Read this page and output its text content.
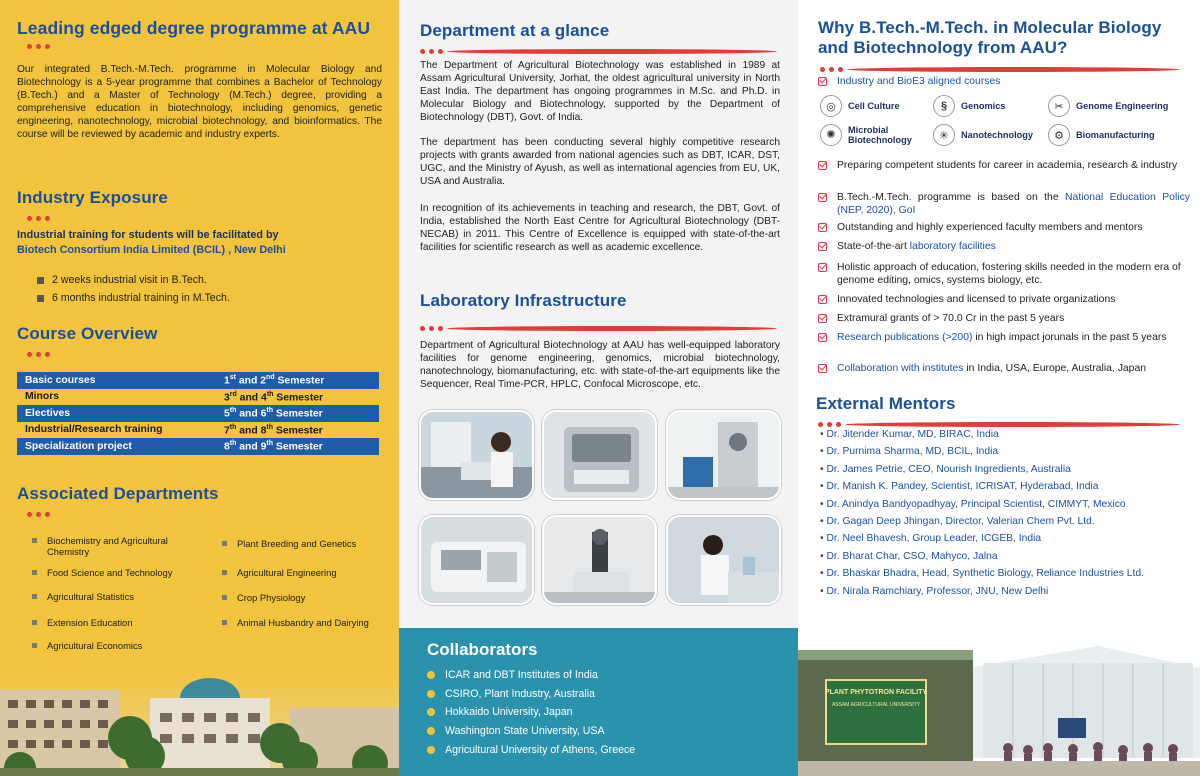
Leading edged degree programme at AAU

Our integrated B.Tech.-M.Tech. programme in Molecular Biology and Biotechnology is a 5-year programme that combines a Bachelor of Technology (B.Tech.) and a Master of Technology (M.Tech.) degree, providing a comprehensive education in biotechnology, including genomics, genetic engineering, nanotechnology, microbial biotechnology, and bioinformatics. The course will be reviewed by academic and industry experts.

Industry Exposure
Industrial training for students will be facilitated by
Biotech Consortium India Limited (BCIL) , New Delhi
2 weeks industrial visit in B.Tech.
6 months industrial training in M.Tech.
Course Overview
Basic courses	1st and 2nd Semester
Minors	3rd and 4th Semester
Electives	5th and 6th Semester
Industrial/Research training	7th and 8th Semester
Specialization project	8th and 9th Semester
Associated Departments
Biochemistry and Agricultural Chemistry
Food Science and Technology
Agricultural Statistics
Extension Education
Agricultural Economics
Plant Breeding and Genetics
Agricultural Engineering
Crop Physiology
Animal Husbandry and Dairying
Department at a glance

The Department of Agricultural Biotechnology was established in 1989 at Assam Agricultural University, Jorhat, the oldest agricultural university in North East India. The department has ongoing programmes in M.Sc. and Ph.D. in Molecular Biology and Biotechnology, supported by the Department of Biotechnology (DBT), Govt. of India.

The department has been conducting several highly competitive research projects with grants awarded from national agencies such as DBT, ICAR, DST, UGC, and the Ministry of Ayush, as well as international agencies from EU, UK, USA and Australia.

In recognition of its achievements in teaching and research, the DBT, Govt. of India, established the North East Centre for Agricultural Biotechnology (DBT-NECAB) in 2011. This Centre of Excellence is equipped with state-of-the-art facilities for scientific research as well as academic excellence.

Laboratory Infrastructure

Department of Agricultural Biotechnology at AAU has well-equipped laboratory facilities for genome engineering, genomics, microbial biotechnology, nanotechnology, biomanufacturing, etc. with state-of-the-art equipments like the Sequencer, Real Time-PCR, HPLC, Confocal Microscope, etc.

Collaborators
ICAR and DBT Institutes of India
CSIRO, Plant Industry, Australia
Hokkaido University, Japan
Washington State University, USA
Agricultural University of Athens, Greece
Why B.Tech.-M.Tech. in Molecular Biology
and Biotechnology from AAU?
Industry and BioE3 aligned courses
◎	Cell Culture	§	Genomics	✂	Genome Engineering
✺	Microbial Biotechnology	✳	Nanotechnology	⚙	Biomanufacturing
Preparing competent students for career in academia, research & industry
B.Tech.-M.Tech. programme is based on the National Education Policy (NEP, 2020), GoI
Outstanding and highly experienced faculty members and mentors
State-of-the-art laboratory facilities
Holistic approach of education, fostering skills needed in the modern era of genome editing, omics, systems biology, etc.
Innovated technologies and licensed to private organizations
Extramural grants of > 70.0 Cr in the past 5 years
Research publications (>200) in high impact jorunals in the past 5 years
Collaboration with institutes in India, USA, Europe, Australia, Japan
External Mentors
• Dr. Jitender Kumar, MD, BIRAC, India
• Dr. Purnima Sharma, MD, BCIL, India
• Dr. James Petrie, CEO, Nourish Ingredients, Australia
• Dr. Manish K. Pandey, Scientist, ICRISAT, Hyderabad, India
• Dr. Anindya Bandyopadhyay, Principal Scientist, CIMMYT, Mexico
• Dr. Gagan Deep Jhingan, Director, Valerian Chem Pvt. Ltd.
• Dr. Neel Bhavesh, Group Leader, ICGEB, India
• Dr. Bharat Char, CSO, Mahyco, Jalna
• Dr. Bhaskar Bhadra, Head, Synthetic Biology, Reliance Industries Ltd.
• Dr. Nirala Ramchiary, Professor, JNU, New Delhi
PLANT PHYTOTRON FACILITY
ASSAM AGRICULTURAL UNIVERSITY
